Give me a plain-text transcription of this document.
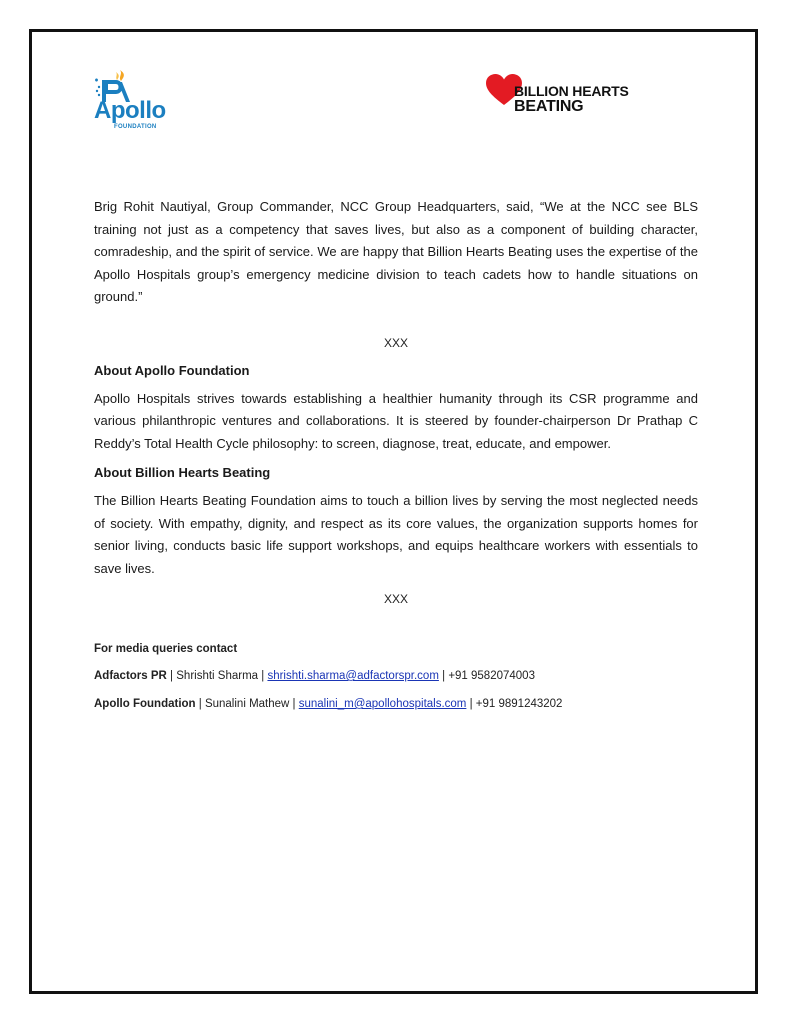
Apollo
FOUNDATION
BILLION HEARTS
BEATING

Brig Rohit Nautiyal, Group Commander, NCC Group Headquarters, said, “We at the NCC see BLS training not just as a competency that saves lives, but also as a component of building character, comradeship, and the spirit of service. We are happy that Billion Hearts Beating uses the expertise of the Apollo Hospitals group’s emergency medicine division to teach cadets how to handle situations on ground.”

XXX

About Apollo Foundation

Apollo Hospitals strives towards establishing a healthier humanity through its CSR programme and various philanthropic ventures and collaborations. It is steered by founder-chairperson Dr Prathap C Reddy’s Total Health Cycle philosophy: to screen, diagnose, treat, educate, and empower.

About Billion Hearts Beating

The Billion Hearts Beating Foundation aims to touch a billion lives by serving the most neglected needs of society. With empathy, dignity, and respect as its core values, the organization supports homes for senior living, conducts basic life support workshops, and equips healthcare workers with essentials to save lives.

XXX

For media queries contact

Adfactors PR | Shrishti Sharma | shrishti.sharma@adfactorspr.com | +91 9582074003

Apollo Foundation | Sunalini Mathew | sunalini_m@apollohospitals.com | +91 9891243202
